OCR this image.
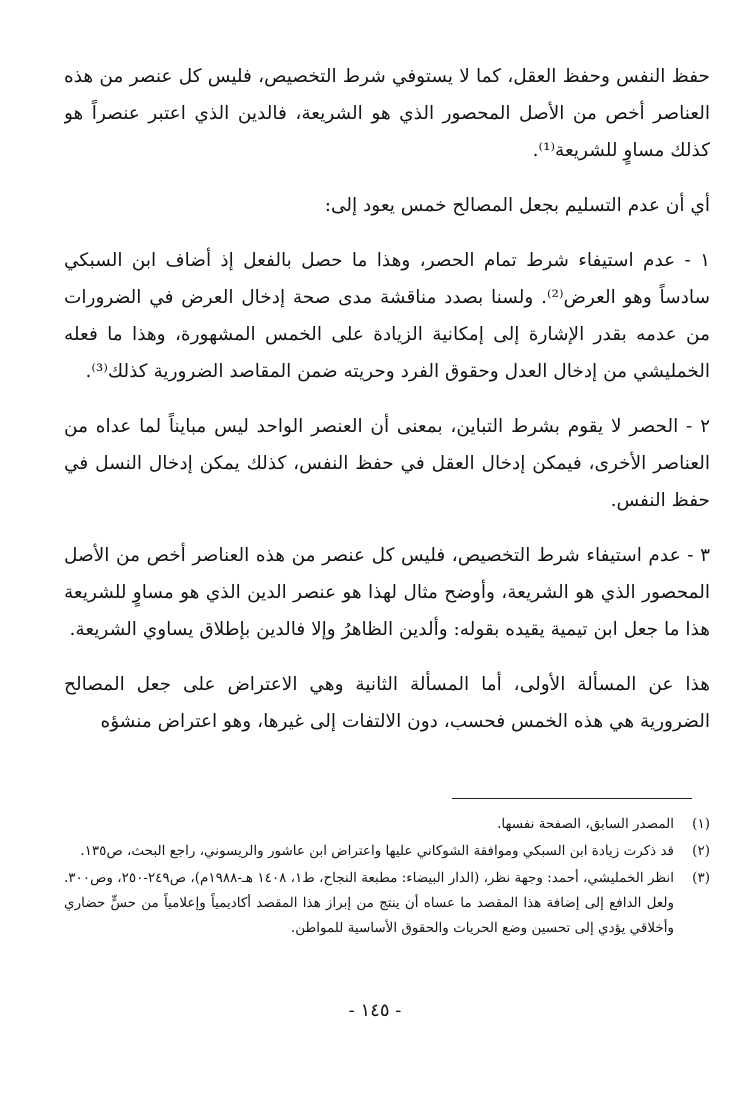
حفظ النفس وحفظ العقل، كما لا يستوفي شرط التخصيص، فليس كل عنصر من هذه العناصر أخص من الأصل المحصور الذي هو الشريعة، فالدين الذي اعتبر عنصراً هو كذلك مساوٍ للشريعة⁽¹⁾.

أي أن عدم التسليم بجعل المصالح خمس يعود إلى:

١ - عدم استيفاء شرط تمام الحصر، وهذا ما حصل بالفعل إذ أضاف ابن السبكي سادساً وهو العرض⁽²⁾. ولسنا بصدد مناقشة مدى صحة إدخال العرض في الضرورات من عدمه بقدر الإشارة إلى إمكانية الزيادة على الخمس المشهورة، وهذا ما فعله الخمليشي من إدخال العدل وحقوق الفرد وحريته ضمن المقاصد الضرورية كذلك⁽³⁾.

٢ - الحصر لا يقوم بشرط التباين، بمعنى أن العنصر الواحد ليس مبايناً لما عداه من العناصر الأخرى، فيمكن إدخال العقل في حفظ النفس، كذلك يمكن إدخال النسل في حفظ النفس.

٣ - عدم استيفاء شرط التخصيص، فليس كل عنصر من هذه العناصر أخص من الأصل المحصور الذي هو الشريعة، وأوضح مثال لهذا هو عنصر الدين الذي هو مساوٍ للشريعة هذا ما جعل ابن تيمية يقيده بقوله: وألدين الظاهرُ وإلا فالدين بإطلاق يساوي الشريعة.

هذا عن المسألة الأولى، أما المسألة الثانية وهي الاعتراض على جعل المصالح الضرورية هي هذه الخمس فحسب، دون الالتفات إلى غيرها، وهو اعتراض منشؤه

(١)
المصدر السابق، الصفحة نفسها.
(٢)
قد ذكرت زيادة ابن السبكي وموافقة الشوكاني عليها واعتراض ابن عاشور والريسوني، راجع البحث، ص١٣٥.
(٣)
انظر الخمليشي، أحمد: وجهة نظر، (الدار البيضاء: مطبعة النجاح، ط١، ١٤٠٨ هـ-١٩٨٨م)، ص٢٤٩-٢٥٠، وص٣٠٠. ولعل الدافع إلى إضافة هذا المقصد ما عساه أن ينتج من إبراز هذا المقصد أكاديمياً وإعلامياً من حسٍّ حضاري وأخلاقي يؤدي إلى تحسين وضع الحريات والحقوق الأساسية للمواطن.
- ١٤٥ -
